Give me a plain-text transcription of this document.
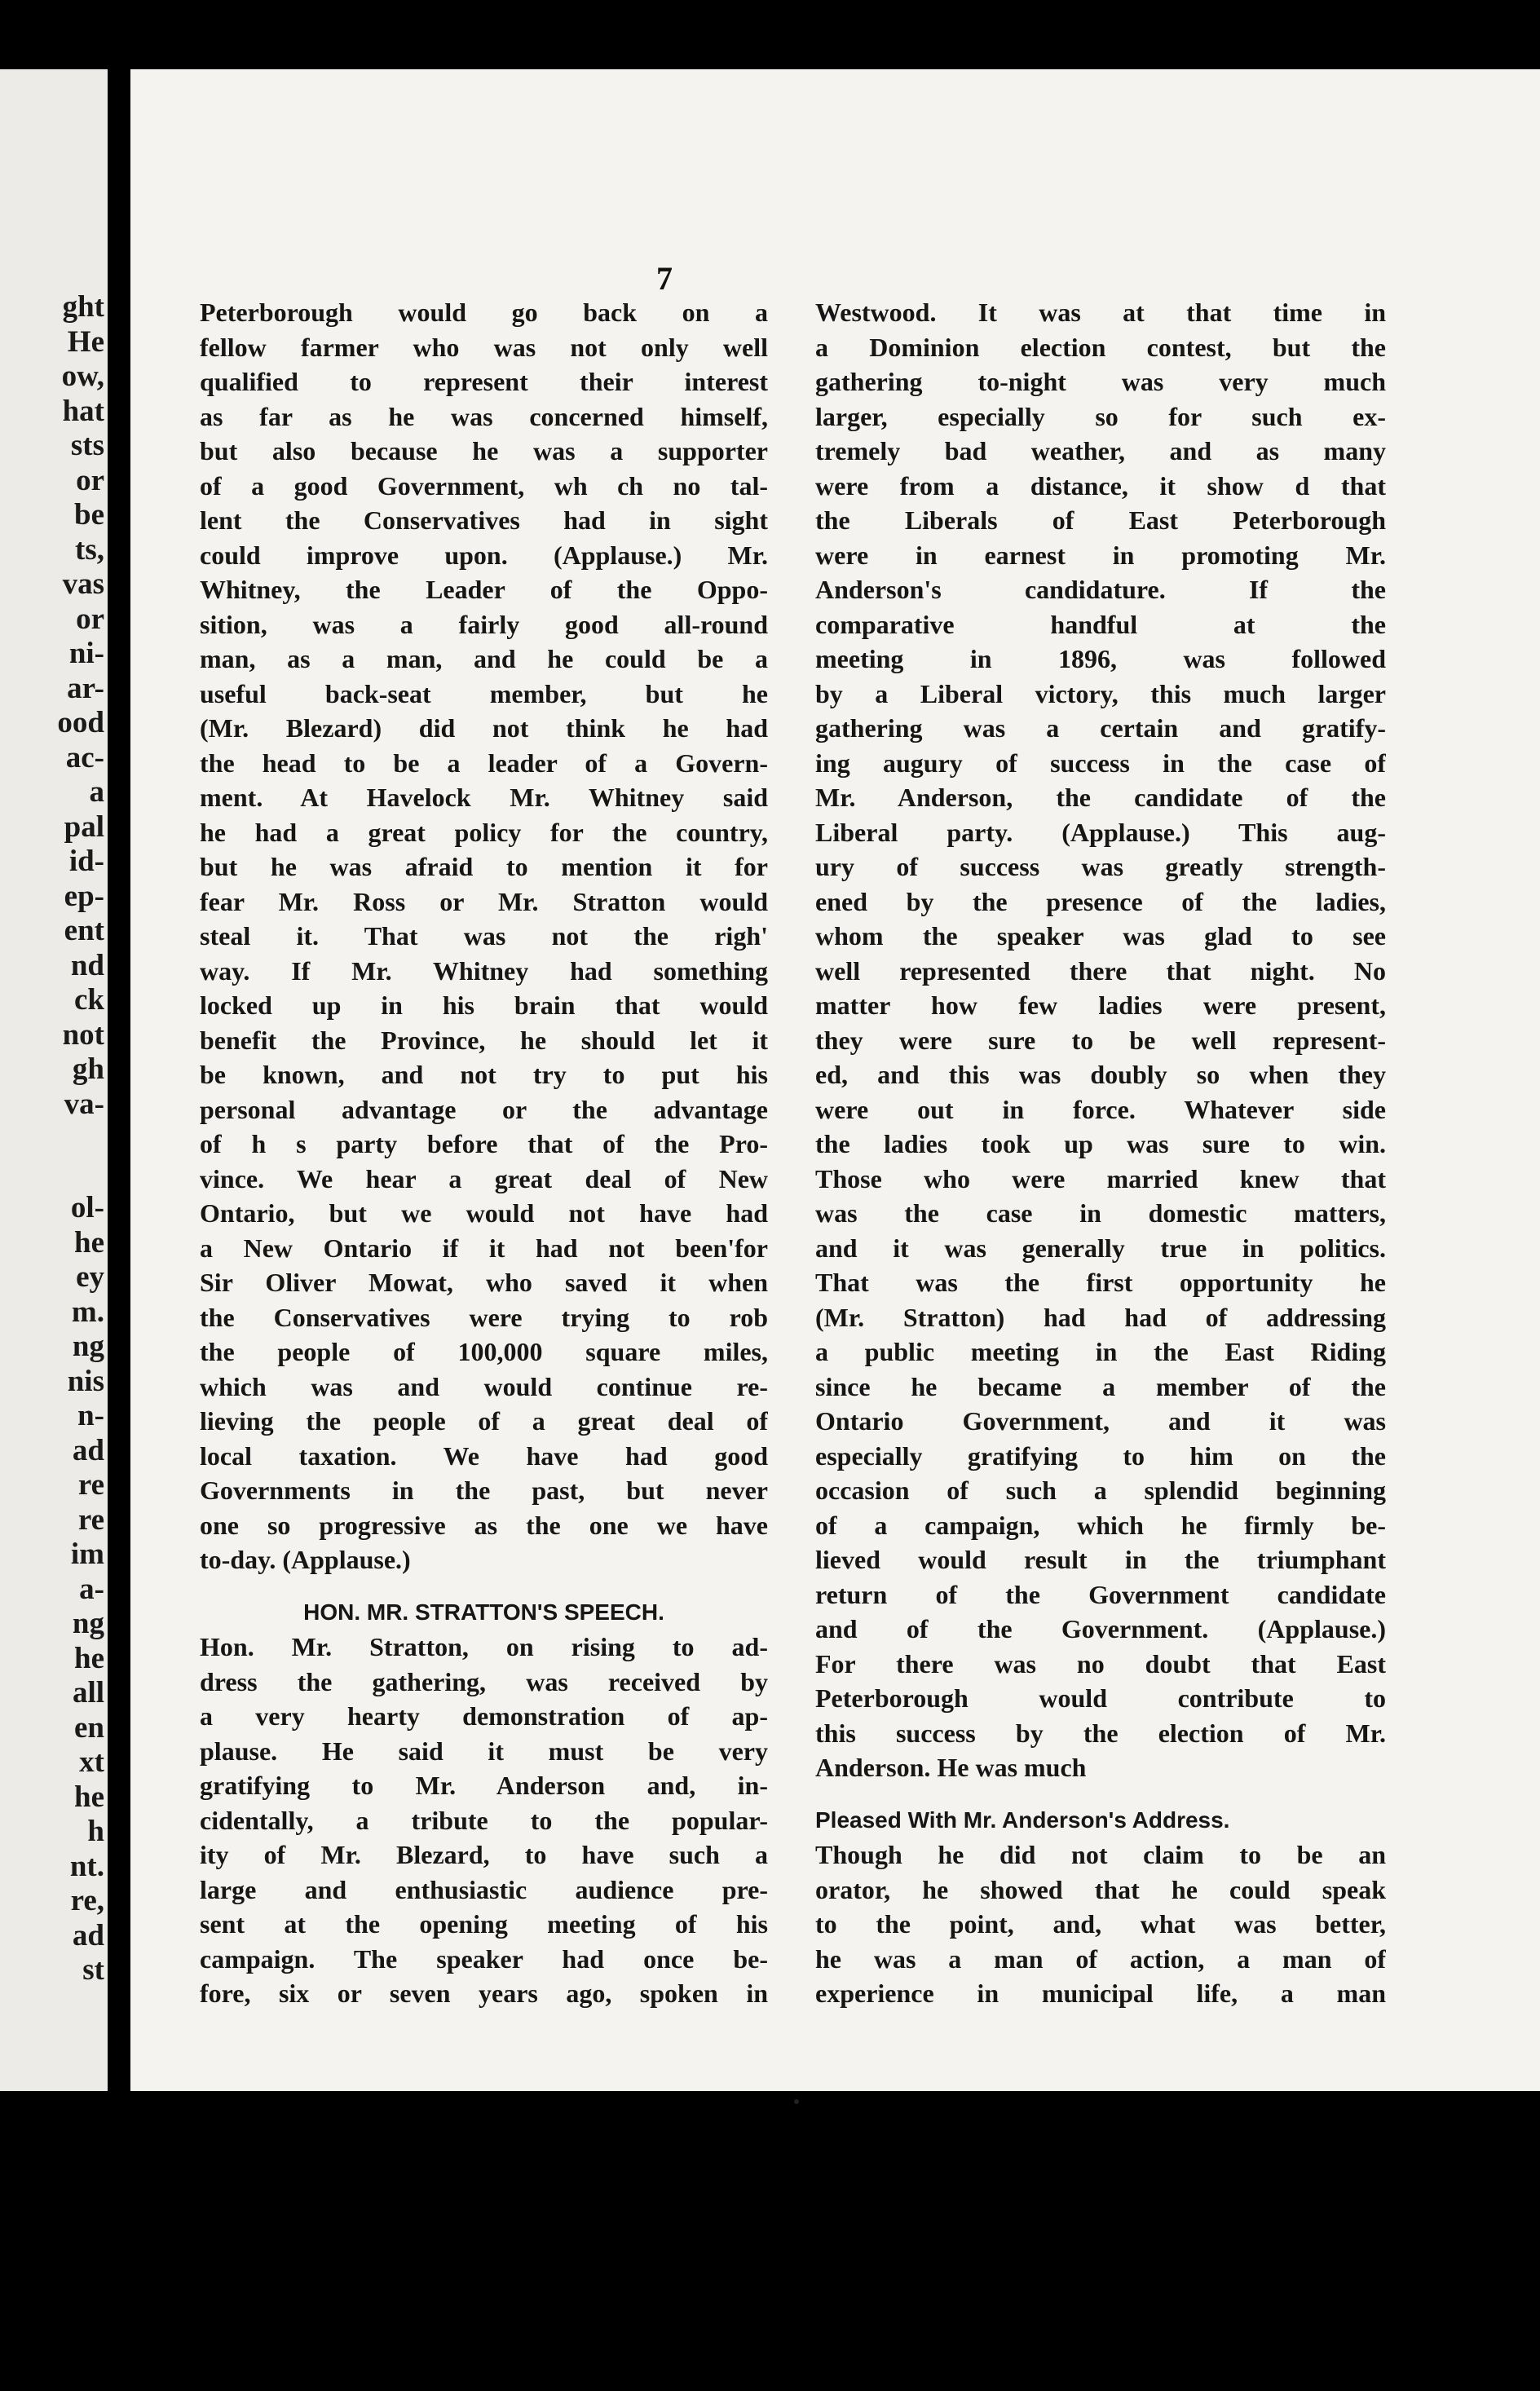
ght
He
ow,
hat
sts
or
be
ts,
vas
or
ni-
ar-
ood
ac-
a
pal
id-
ep-
ent
nd
ck
not
gh
va-
ol-
he
ey
m.
ng
nis
n-
ad
re
re
im
a-
ng
he
all
en
xt
he
h
nt.
re,
ad
st
7
Peterborough would go back on a
fellow farmer who was not only well
qualified to represent their interest
as far as he was concerned himself,
but also because he was a supporter
of a good Government, wh ch no tal-
lent the Conservatives had in sight
could improve upon. (Applause.) Mr.
Whitney, the Leader of the Oppo-
sition, was a fairly good all-round
man, as a man, and he could be a
useful back-seat member, but he
(Mr. Blezard) did not think he had
the head to be a leader of a Govern-
ment. At Havelock Mr. Whitney said
he had a great policy for the country,
but he was afraid to mention it for
fear Mr. Ross or Mr. Stratton would
steal it. That was not the righ'
way. If Mr. Whitney had something
locked up in his brain that would
benefit the Province, he should let it
be known, and not try to put his
personal advantage or the advantage
of h s party before that of the Pro-
vince. We hear a great deal of New
Ontario, but we would not have had
a New Ontario if it had not been'for
Sir Oliver Mowat, who saved it when
the Conservatives were trying to rob
the people of 100,000 square miles,
which was and would continue re-
lieving the people of a great deal of
local taxation. We have had good
Governments in the past, but never
one so progressive as the one we have
to-day. (Applause.)
HON. MR. STRATTON'S SPEECH.
Hon. Mr. Stratton, on rising to ad-
dress the gathering, was received by
a very hearty demonstration of ap-
plause. He said it must be very
gratifying to Mr. Anderson and, in-
cidentally, a tribute to the popular-
ity of Mr. Blezard, to have such a
large and enthusiastic audience pre-
sent at the opening meeting of his
campaign. The speaker had once be-
fore, six or seven years ago, spoken in
Westwood. It was at that time in
a Dominion election contest, but the
gathering to-night was very much
larger, especially so for such ex-
tremely bad weather, and as many
were from a distance, it show d that
the Liberals of East Peterborough
were in earnest in promoting Mr.
Anderson's candidature. If the
comparative handful at the
meeting in 1896, was followed
by a Liberal victory, this much larger
gathering was a certain and gratify-
ing augury of success in the case of
Mr. Anderson, the candidate of the
Liberal party. (Applause.) This aug-
ury of success was greatly strength-
ened by the presence of the ladies,
whom the speaker was glad to see
well represented there that night. No
matter how few ladies were present,
they were sure to be well represent-
ed, and this was doubly so when they
were out in force. Whatever side
the ladies took up was sure to win.
Those who were married knew that
was the case in domestic matters,
and it was generally true in politics.
That was the first opportunity he
(Mr. Stratton) had had of addressing
a public meeting in the East Riding
since he became a member of the
Ontario Government, and it was
especially gratifying to him on the
occasion of such a splendid beginning
of a campaign, which he firmly be-
lieved would result in the triumphant
return of the Government candidate
and of the Government. (Applause.)
For there was no doubt that East
Peterborough would contribute to
this success by the election of Mr.
Anderson. He was much
Pleased With Mr. Anderson's Address.
Though he did not claim to be an
orator, he showed that he could speak
to the point, and, what was better,
he was a man of action, a man of
experience in municipal life, a man
